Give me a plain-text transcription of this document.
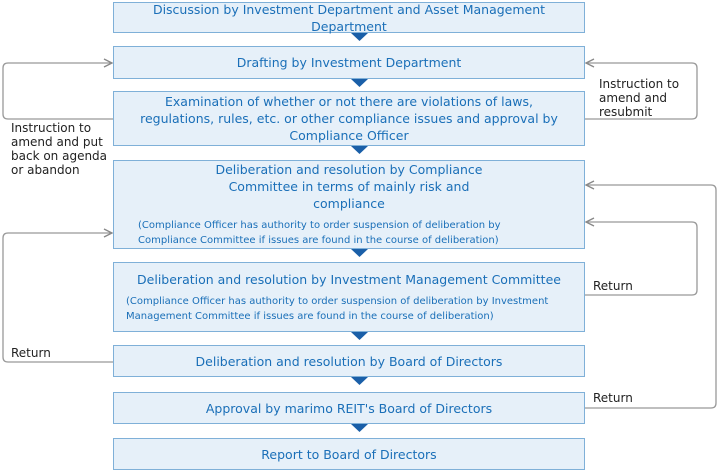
Discussion by Investment Department and Asset Management Department
Drafting by Investment Department
Examination of whether or not there are violations of laws, regulations, rules, etc. or other compliance issues and approval by Compliance Officer
Deliberation and resolution by Compliance Committee in terms of mainly risk and compliance
(Compliance Officer has authority to order suspension of deliberation by Compliance Committee if issues are found in the course of deliberation)
Deliberation and resolution by Investment Management Committee
(Compliance Officer has authority to order suspension of deliberation by Investment Management Committee if issues are found in the course of deliberation)
Deliberation and resolution by Board of Directors
Approval by marimo REIT's Board of Directors
Report to Board of Directors
Instruction to
amend and
resubmit
Instruction to
amend and put
back on agenda
or abandon
Return
Return
Return
